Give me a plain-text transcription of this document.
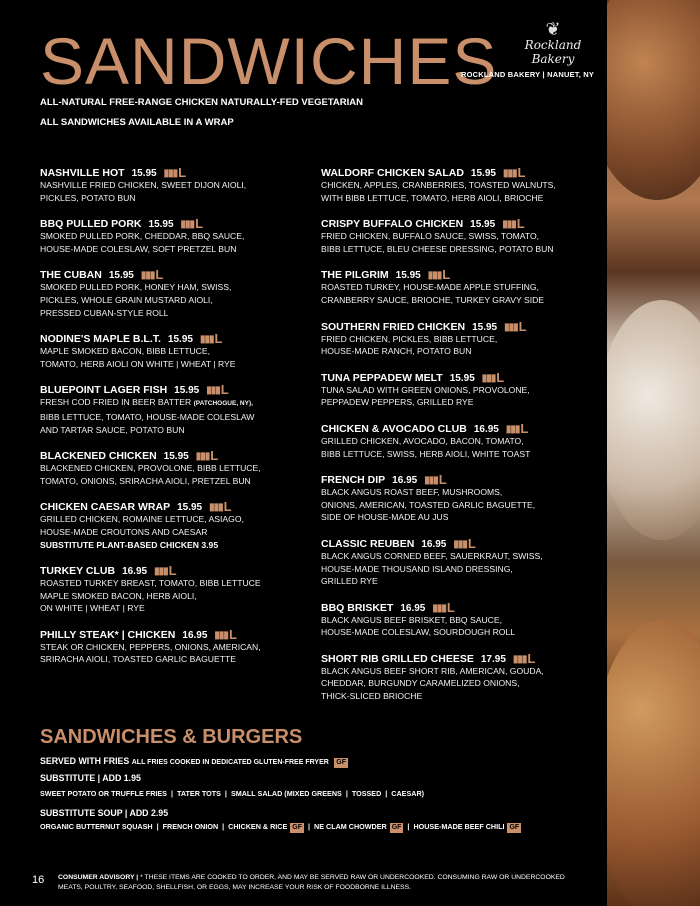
SANDWICHES	❦
Rockland Bakery
ROCKLAND BAKERY | NANUET, NY
ALL-NATURAL FREE-RANGE CHICKEN NATURALLY-FED VEGETARIAN
ALL SANDWICHES AVAILABLE IN A WRAP
NASHVILLE HOT 15.95 ▮▮▮ L
NASHVILLE FRIED CHICKEN, SWEET DIJON AIOLI,
PICKLES, POTATO BUN
BBQ PULLED PORK 15.95 ▮▮▮ L
SMOKED PULLED PORK, CHEDDAR, BBQ SAUCE,
HOUSE-MADE COLESLAW, SOFT PRETZEL BUN
THE CUBAN 15.95 ▮▮▮ L
SMOKED PULLED PORK, HONEY HAM, SWISS,
PICKLES, WHOLE GRAIN MUSTARD AIOLI,
PRESSED CUBAN-STYLE ROLL
NODINE'S MAPLE B.L.T. 15.95 ▮▮▮ L
MAPLE SMOKED BACON, BIBB LETTUCE,
TOMATO, HERB AIOLI ON WHITE | WHEAT | RYE
BLUEPOINT LAGER FISH 15.95 ▮▮▮ L
FRESH COD FRIED IN BEER BATTER (PATCHOGUE, NY),
BIBB LETTUCE, TOMATO, HOUSE-MADE COLESLAW
AND TARTAR SAUCE, POTATO BUN
BLACKENED CHICKEN 15.95 ▮▮▮ L
BLACKENED CHICKEN, PROVOLONE, BIBB LETTUCE,
TOMATO, ONIONS, SRIRACHA AIOLI, PRETZEL BUN
CHICKEN CAESAR WRAP 15.95 ▮▮▮ L
GRILLED CHICKEN, ROMAINE LETTUCE, ASIAGO,
HOUSE-MADE CROUTONS AND CAESAR
SUBSTITUTE PLANT-BASED CHICKEN 3.95
TURKEY CLUB 16.95 ▮▮▮ L
ROASTED TURKEY BREAST, TOMATO, BIBB LETTUCE
MAPLE SMOKED BACON, HERB AIOLI,
ON WHITE | WHEAT | RYE
PHILLY STEAK* | CHICKEN 16.95 ▮▮▮ L
STEAK OR CHICKEN, PEPPERS, ONIONS, AMERICAN,
SRIRACHA AIOLI, TOASTED GARLIC BAGUETTE
WALDORF CHICKEN SALAD 15.95 ▮▮▮ L
CHICKEN, APPLES, CRANBERRIES, TOASTED WALNUTS,
WITH BIBB LETTUCE, TOMATO, HERB AIOLI, BRIOCHE
CRISPY BUFFALO CHICKEN 15.95 ▮▮▮ L
FRIED CHICKEN, BUFFALO SAUCE, SWISS, TOMATO,
BIBB LETTUCE, BLEU CHEESE DRESSING, POTATO BUN
THE PILGRIM 15.95 ▮▮▮ L
ROASTED TURKEY, HOUSE-MADE APPLE STUFFING,
CRANBERRY SAUCE, BRIOCHE, TURKEY GRAVY SIDE
SOUTHERN FRIED CHICKEN 15.95 ▮▮▮ L
FRIED CHICKEN, PICKLES, BIBB LETTUCE,
HOUSE-MADE RANCH, POTATO BUN
TUNA PEPPADEW MELT 15.95 ▮▮▮ L
TUNA SALAD WITH GREEN ONIONS, PROVOLONE,
PEPPADEW PEPPERS, GRILLED RYE
CHICKEN & AVOCADO CLUB 16.95 ▮▮▮ L
GRILLED CHICKEN, AVOCADO, BACON, TOMATO,
BIBB LETTUCE, SWISS, HERB AIOLI, WHITE TOAST
FRENCH DIP 16.95 ▮▮▮ L
BLACK ANGUS ROAST BEEF, MUSHROOMS,
ONIONS, AMERICAN, TOASTED GARLIC BAGUETTE,
SIDE OF HOUSE-MADE AU JUS
CLASSIC REUBEN 16.95 ▮▮▮ L
BLACK ANGUS CORNED BEEF, SAUERKRAUT, SWISS,
HOUSE-MADE THOUSAND ISLAND DRESSING,
GRILLED RYE
BBQ BRISKET 16.95 ▮▮▮ L
BLACK ANGUS BEEF BRISKET, BBQ SAUCE,
HOUSE-MADE COLESLAW, SOURDOUGH ROLL
SHORT RIB GRILLED CHEESE 17.95 ▮▮▮ L
BLACK ANGUS BEEF SHORT RIB, AMERICAN, GOUDA,
CHEDDAR, BURGUNDY CARAMELIZED ONIONS,
THICK-SLICED BRIOCHE
SANDWICHES & BURGERS
SERVED WITH FRIES ALL FRIES COOKED IN DEDICATED GLUTEN-FREE FRYER GF
SUBSTITUTE | ADD 1.95
SWEET POTATO OR TRUFFLE FRIES | TATER TOTS | SMALL SALAD (MIXED GREENS | TOSSED | CAESAR)
SUBSTITUTE SOUP | ADD 2.95
ORGANIC BUTTERNUT SQUASH | FRENCH ONION | CHICKEN & RICE GF | NE CLAM CHOWDER GF | HOUSE-MADE BEEF CHILI GF
16 CONSUMER ADVISORY | * THESE ITEMS ARE COOKED TO ORDER, AND MAY BE SERVED RAW OR UNDERCOOKED. CONSUMING RAW OR UNDERCOOKED MEATS, POULTRY, SEAFOOD, SHELLFISH, OR EGGS, MAY INCREASE YOUR RISK OF FOODBORNE ILLNESS.
